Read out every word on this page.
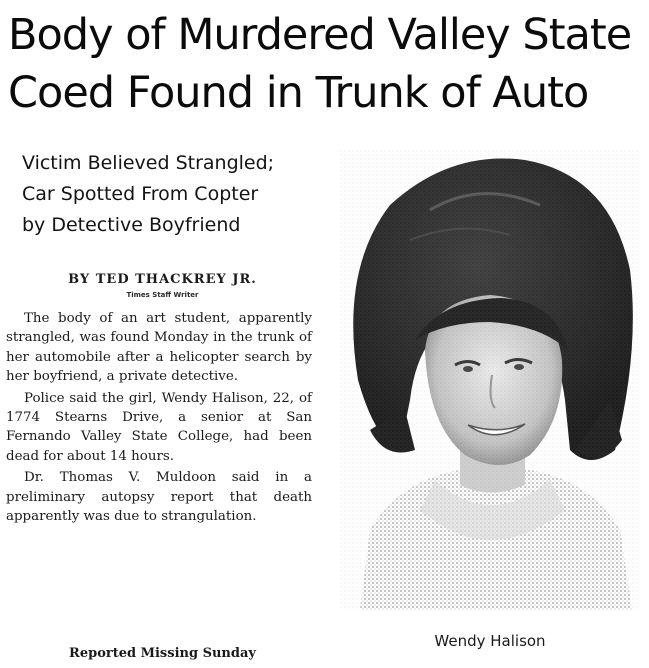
Body of Murdered Valley State
Coed Found in Trunk of Auto
Victim Believed Strangled;
Car Spotted From Copter
by Detective Boyfriend
BY TED THACKREY JR.
Times Staff Writer

The body of an art student, apparently strangled, was found Monday in the trunk of her automobile after a helicopter search by her boyfriend, a private detective.

Police said the girl, Wendy Halison, 22, of 1774 Stearns Drive, a senior at San Fernando Valley State College, had been dead for about 14 hours.

Dr. Thomas V. Muldoon said in a preliminary autopsy report that death apparently was due to strangulation.

Reported Missing Sunday
Wendy Halison
